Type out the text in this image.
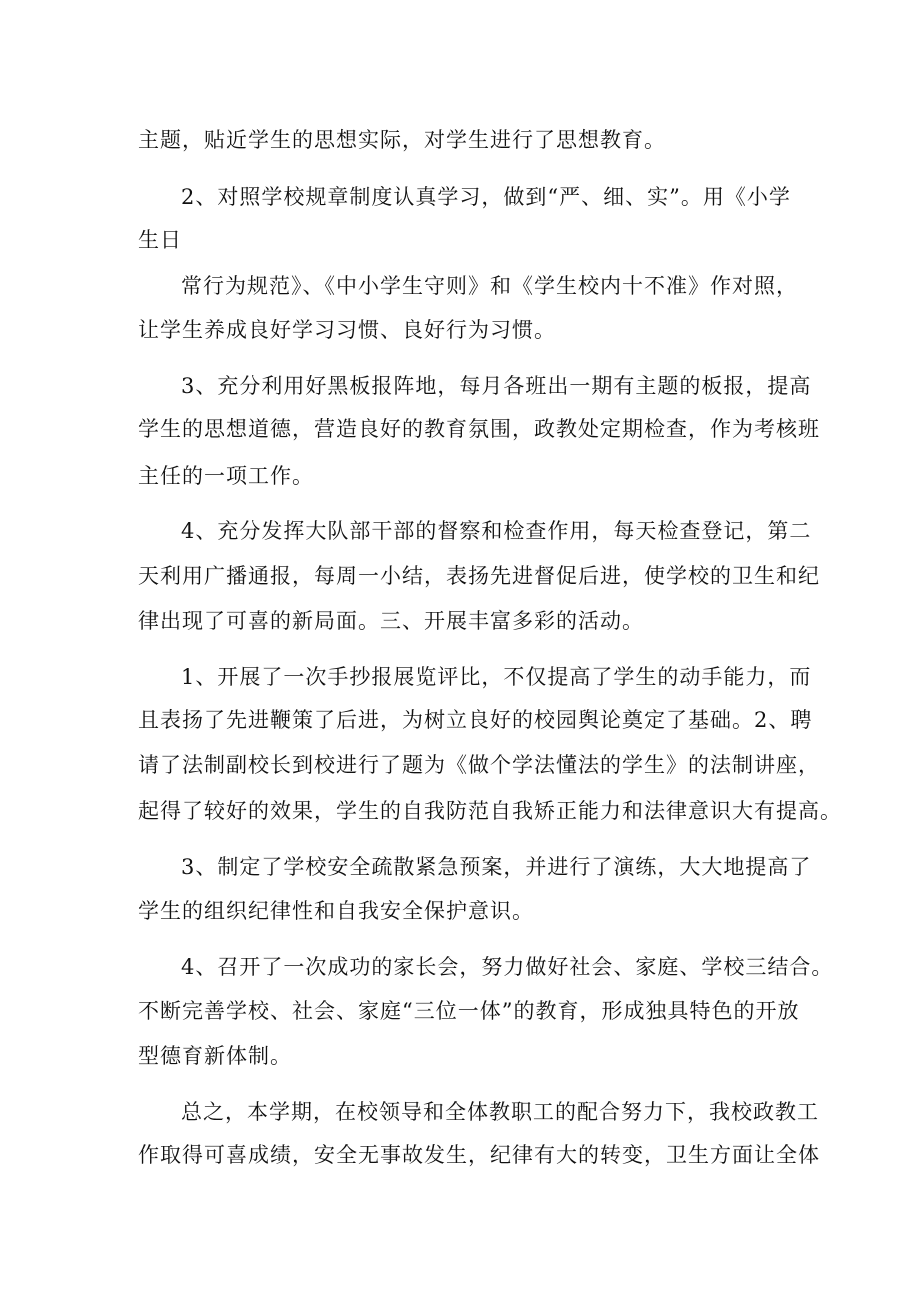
主题，贴近学生的思想实际，对学生进行了思想教育。
2、对照学校规章制度认真学习，做到“严、细、实”。用《小学
生日
常行为规范》、《中小学生守则》和《学生校内十不准》作对照，
让学生养成良好学习习惯、良好行为习惯。
3、充分利用好黑板报阵地，每月各班出一期有主题的板报，提高
学生的思想道德，营造良好的教育氛围，政教处定期检查，作为考核班
主任的一项工作。
4、充分发挥大队部干部的督察和检查作用，每天检查登记，第二
天利用广播通报，每周一小结，表扬先进督促后进，使学校的卫生和纪
律出现了可喜的新局面。三、开展丰富多彩的活动。
1、开展了一次手抄报展览评比，不仅提高了学生的动手能力，而
且表扬了先进鞭策了后进，为树立良好的校园舆论奠定了基础。2、聘
请了法制副校长到校进行了题为《做个学法懂法的学生》的法制讲座，
起得了较好的效果，学生的自我防范自我矫正能力和法律意识大有提高。
3、制定了学校安全疏散紧急预案，并进行了演练，大大地提高了
学生的组织纪律性和自我安全保护意识。
4、召开了一次成功的家长会，努力做好社会、家庭、学校三结合。
不断完善学校、社会、家庭“三位一体”的教育，形成独具特色的开放
型德育新体制。
总之，本学期，在校领导和全体教职工的配合努力下，我校政教工
作取得可喜成绩，安全无事故发生，纪律有大的转变，卫生方面让全体
